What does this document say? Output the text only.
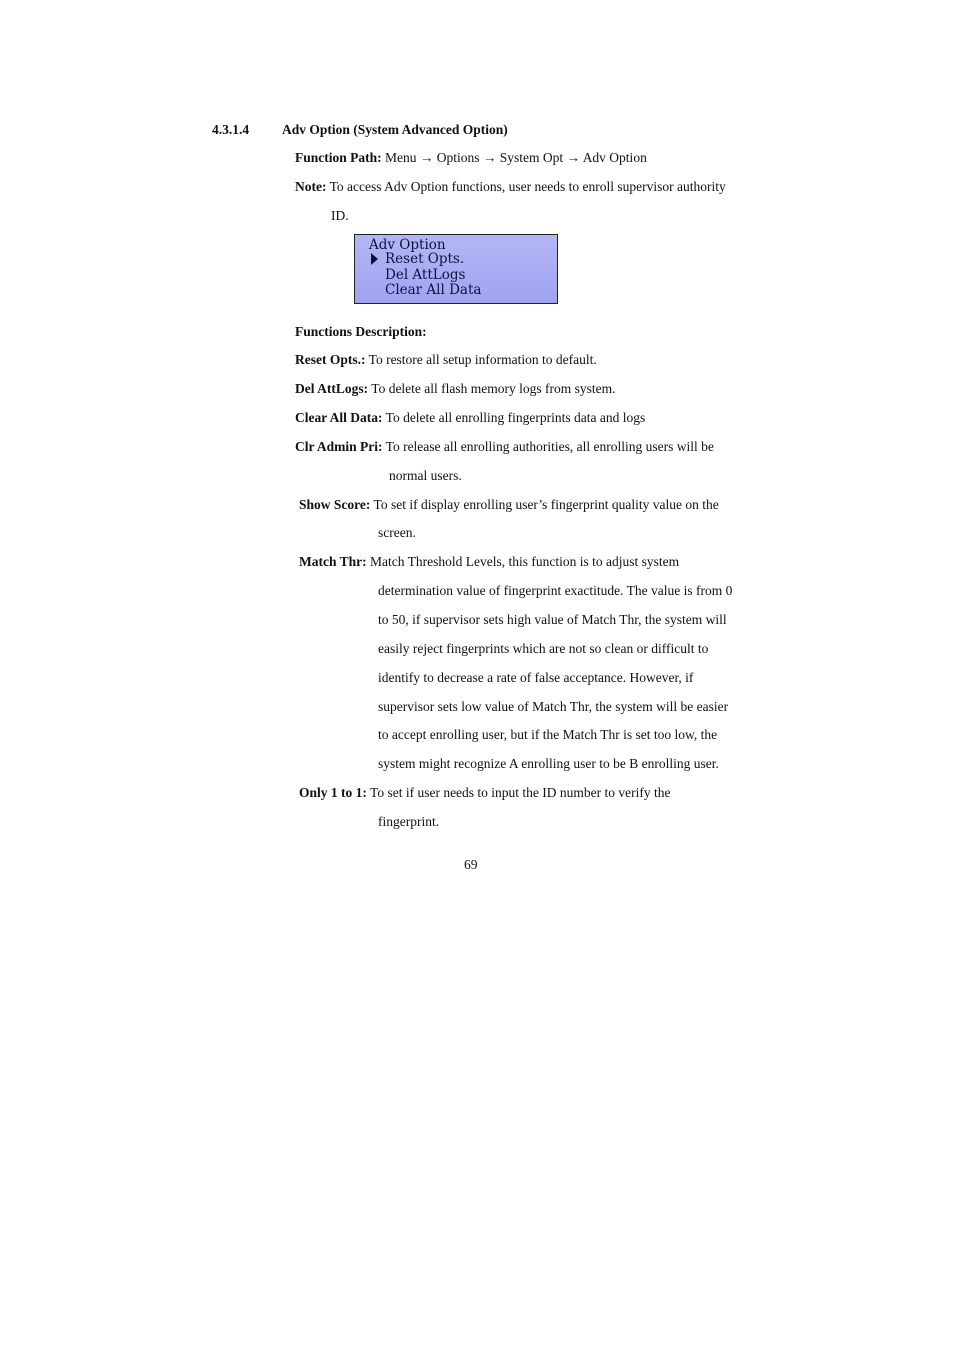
4.3.1.4 Adv Option (System Advanced Option)
Function Path: Menu → Options → System Opt → Adv Option
Note: To access Adv Option functions, user needs to enroll supervisor authority
ID.
Adv Option
Reset Opts.
Del AttLogs
Clear All Data
Functions Description:
Reset Opts.: To restore all setup information to default.
Del AttLogs: To delete all flash memory logs from system.
Clear All Data: To delete all enrolling fingerprints data and logs
Clr Admin Pri: To release all enrolling authorities, all enrolling users will be
normal users.
Show Score: To set if display enrolling user’s fingerprint quality value on the
screen.
Match Thr: Match Threshold Levels, this function is to adjust system
determination value of fingerprint exactitude. The value is from 0
to 50, if supervisor sets high value of Match Thr, the system will
easily reject fingerprints which are not so clean or difficult to
identify to decrease a rate of false acceptance. However, if
supervisor sets low value of Match Thr, the system will be easier
to accept enrolling user, but if the Match Thr is set too low, the
system might recognize A enrolling user to be B enrolling user.
Only 1 to 1: To set if user needs to input the ID number to verify the
fingerprint.
69
